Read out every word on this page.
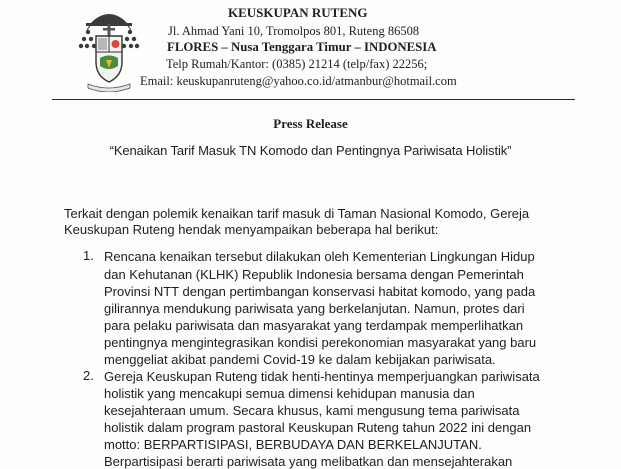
KEUSKUPAN RUTENG
Jl. Ahmad Yani 10, Tromolpos 801, Ruteng 86508
FLORES – Nusa Tenggara Timur – INDONESIA
Telp Rumah/Kantor: (0385) 21214 (telp/fax) 22256;
Email: keuskupanruteng@yahoo.co.id/atmanbur@hotmail.com
Press Release
“Kenaikan Tarif Masuk TN Komodo dan Pentingnya Pariwisata Holistik”
Terkait dengan polemik kenaikan tarif masuk di Taman Nasional Komodo, Gereja
Keuskupan Ruteng hendak menyampaikan beberapa hal berikut:
1. Rencana kenaikan tersebut dilakukan oleh Kementerian Lingkungan Hidup
dan Kehutanan (KLHK) Republik Indonesia bersama dengan Pemerintah
Provinsi NTT dengan pertimbangan konservasi habitat komodo, yang pada
gilirannya mendukung pariwisata yang berkelanjutan. Namun, protes dari
para pelaku pariwisata dan masyarakat yang terdampak memperlihatkan
pentingnya mengintegrasikan kondisi perekonomian masyarakat yang baru
menggeliat akibat pandemi Covid-19 ke dalam kebijakan pariwisata.
2. Gereja Keuskupan Ruteng tidak henti-hentinya memperjuangkan pariwisata
holistik yang mencakupi semua dimensi kehidupan manusia dan
kesejahteraan umum. Secara khusus, kami mengusung tema pariwisata
holistik dalam program pastoral Keuskupan Ruteng tahun 2022 ini dengan
motto: BERPARTISIPASI, BERBUDAYA DAN BERKELANJUTAN.
Berpartisipasi berarti pariwisata yang melibatkan dan mensejahterakan
